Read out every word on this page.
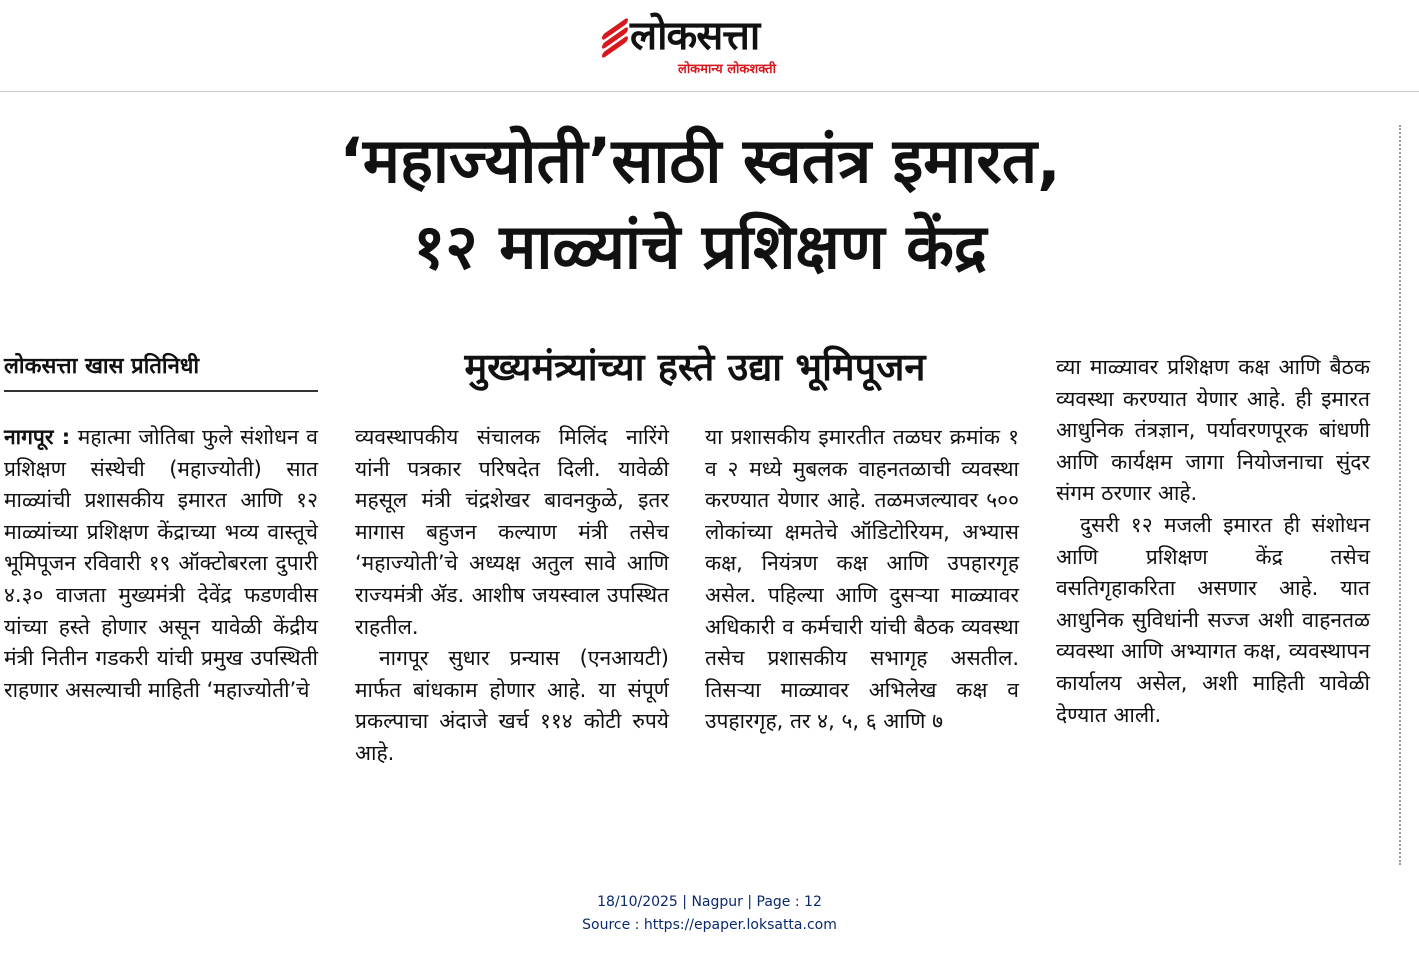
लोकसत्ता
लोकमान्य लोकशक्ती
‘महाज्योती’साठी स्वतंत्र इमारत,
१२ माळ्यांचे प्रशिक्षण केंद्र
मुख्यमंत्र्यांच्या हस्ते उद्या भूमिपूजन
लोकसत्ता खास प्रतिनिधी

नागपूर : महात्मा जोतिबा फुले संशोधन व प्रशिक्षण संस्थेची (महाज्योती) सात माळ्यांची प्रशासकीय इमारत आणि १२ माळ्यांच्या प्रशिक्षण केंद्राच्या भव्य वास्तूचे भूमिपूजन रविवारी १९ ऑक्टोबरला दुपारी ४.३० वाजता मुख्यमंत्री देवेंद्र फडणवीस यांच्या हस्ते होणार असून यावेळी केंद्रीय मंत्री नितीन गडकरी यांची प्रमुख उपस्थिती राहणार असल्याची माहिती ‘महाज्योती’चे

व्यवस्थापकीय संचालक मिलिंद नारिंगे यांनी पत्रकार परिषदेत दिली. यावेळी महसूल मंत्री चंद्रशेखर बावनकुळे, इतर मागास बहुजन कल्याण मंत्री तसेच ‘महाज्योती’चे अध्यक्ष अतुल सावे आणि राज्यमंत्री ॲड. आशीष जयस्वाल उपस्थित राहतील.

नागपूर सुधार प्रन्यास (एनआयटी) मार्फत बांधकाम होणार आहे. या संपूर्ण प्रकल्पाचा अंदाजे खर्च ११४ कोटी रुपये आहे.

या प्रशासकीय इमारतीत तळघर क्रमांक १ व २ मध्ये मुबलक वाहनतळाची व्यवस्था करण्यात येणार आहे. तळमजल्यावर ५०० लोकांच्या क्षमतेचे ऑडिटोरियम, अभ्यास कक्ष, नियंत्रण कक्ष आणि उपहारगृह असेल. पहिल्या आणि दुसऱ्या माळ्यावर अधिकारी व कर्मचारी यांची बैठक व्यवस्था तसेच प्रशासकीय सभागृह असतील. तिसऱ्या माळ्यावर अभिलेख कक्ष व उपहारगृह, तर ४, ५, ६ आणि ७

व्या माळ्यावर प्रशिक्षण कक्ष आणि बैठक व्यवस्था करण्यात येणार आहे. ही इमारत आधुनिक तंत्रज्ञान, पर्यावरणपूरक बांधणी आणि कार्यक्षम जागा नियोजनाचा सुंदर संगम ठरणार आहे.

दुसरी १२ मजली इमारत ही संशोधन आणि प्रशिक्षण केंद्र तसेच वसतिगृहाकरिता असणार आहे. यात आधुनिक सुविधांनी सज्ज अशी वाहनतळ व्यवस्था आणि अभ्यागत कक्ष, व्यवस्थापन कार्यालय असेल, अशी माहिती यावेळी देण्यात आली.

18/10/2025 | Nagpur | Page : 12
Source : https://epaper.loksatta.com
